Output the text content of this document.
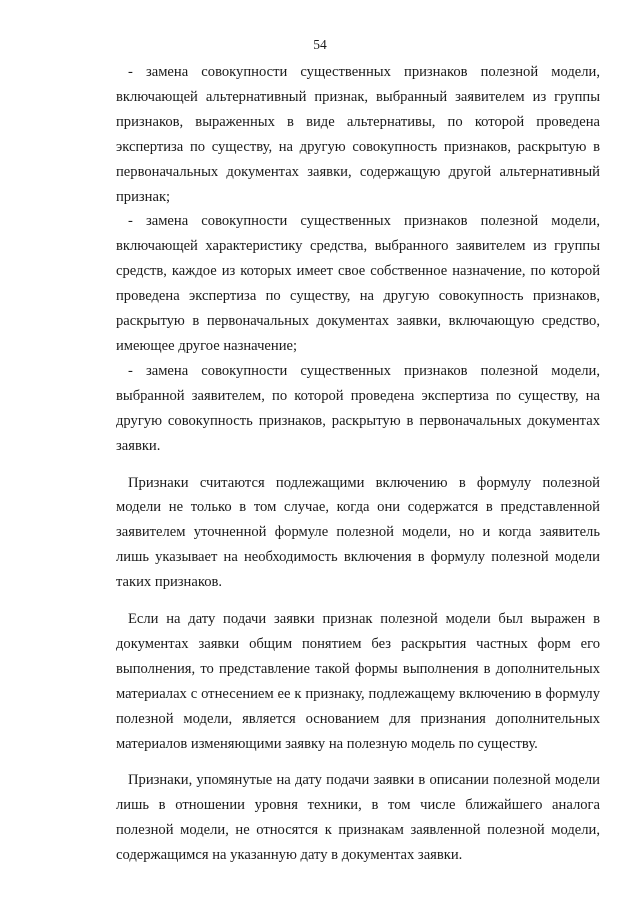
54

- замена совокупности существенных признаков полезной модели, включающей альтернативный признак, выбранный заявителем из группы признаков, выраженных в виде альтернативы, по которой проведена экспертиза по существу, на другую совокупность признаков, раскрытую в первоначальных документах заявки, содержащую другой альтернативный признак;

- замена совокупности существенных признаков полезной модели, включающей характеристику средства, выбранного заявителем из группы средств, каждое из которых имеет свое собственное назначение, по которой проведена экспертиза по существу, на другую совокупность признаков, раскрытую в первоначальных документах заявки, включающую средство, имеющее другое назначение;

- замена совокупности существенных признаков полезной модели, выбранной заявителем, по которой проведена экспертиза по существу, на другую совокупность признаков, раскрытую в первоначальных документах заявки.

Признаки считаются подлежащими включению в формулу полезной модели не только в том случае, когда они содержатся в представленной заявителем уточненной формуле полезной модели, но и когда заявитель лишь указывает на необходимость включения в формулу полезной модели таких признаков.

Если на дату подачи заявки признак полезной модели был выражен в документах заявки общим понятием без раскрытия частных форм его выполнения, то представление такой формы выполнения в дополнительных материалах с отнесением ее к признаку, подлежащему включению в формулу полезной модели, является основанием для признания дополнительных материалов изменяющими заявку на полезную модель по существу.

Признаки, упомянутые на дату подачи заявки в описании полезной модели лишь в отношении уровня техники, в том числе ближайшего аналога полезной модели, не относятся к признакам заявленной полезной модели, содержащимся на указанную дату в документах заявки.
